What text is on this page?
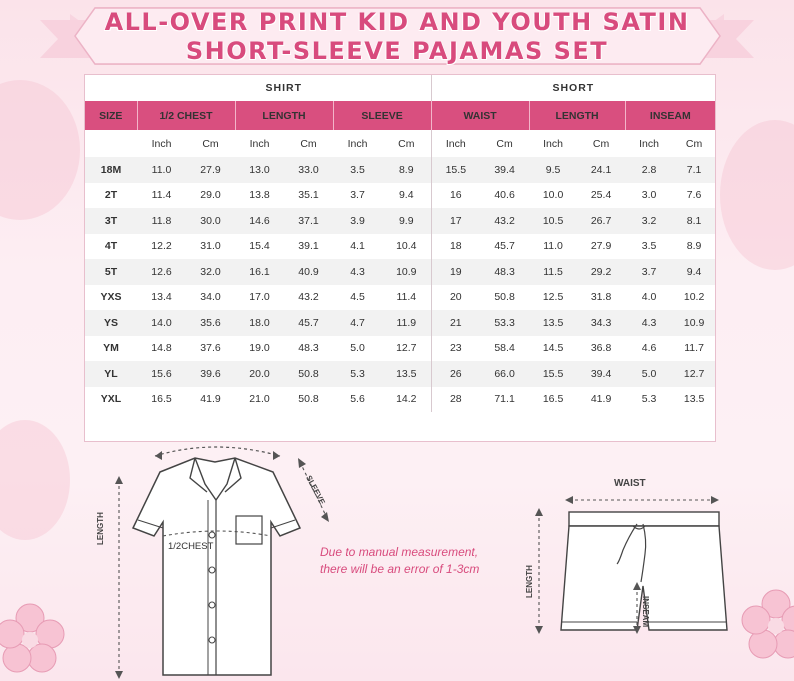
ALL-OVER PRINT KID AND YOUTH SATIN
SHORT-SLEEVE PAJAMAS SET
	SHIRT						SHORT					
SIZE	1/2 CHEST		LENGTH		SLEEVE		WAIST		LENGTH		INSEAM	
	Inch	Cm	Inch	Cm	Inch	Cm	Inch	Cm	Inch	Cm	Inch	Cm
18M	11.0	27.9	13.0	33.0	3.5	8.9	15.5	39.4	9.5	24.1	2.8	7.1
2T	11.4	29.0	13.8	35.1	3.7	9.4	16	40.6	10.0	25.4	3.0	7.6
3T	11.8	30.0	14.6	37.1	3.9	9.9	17	43.2	10.5	26.7	3.2	8.1
4T	12.2	31.0	15.4	39.1	4.1	10.4	18	45.7	11.0	27.9	3.5	8.9
5T	12.6	32.0	16.1	40.9	4.3	10.9	19	48.3	11.5	29.2	3.7	9.4
YXS	13.4	34.0	17.0	43.2	4.5	11.4	20	50.8	12.5	31.8	4.0	10.2
YS	14.0	35.6	18.0	45.7	4.7	11.9	21	53.3	13.5	34.3	4.3	10.9
YM	14.8	37.6	19.0	48.3	5.0	12.7	23	58.4	14.5	36.8	4.6	11.7
YL	15.6	39.6	20.0	50.8	5.3	13.5	26	66.0	15.5	39.4	5.0	12.7
YXL	16.5	41.9	21.0	50.8	5.6	14.2	28	71.1	16.5	41.9	5.3	13.5
LENGTH
1/2CHEST
SLEEVE
Due to manual measurement,
there will be an error of 1-3cm
WAIST
LENGTH
INSEAM
